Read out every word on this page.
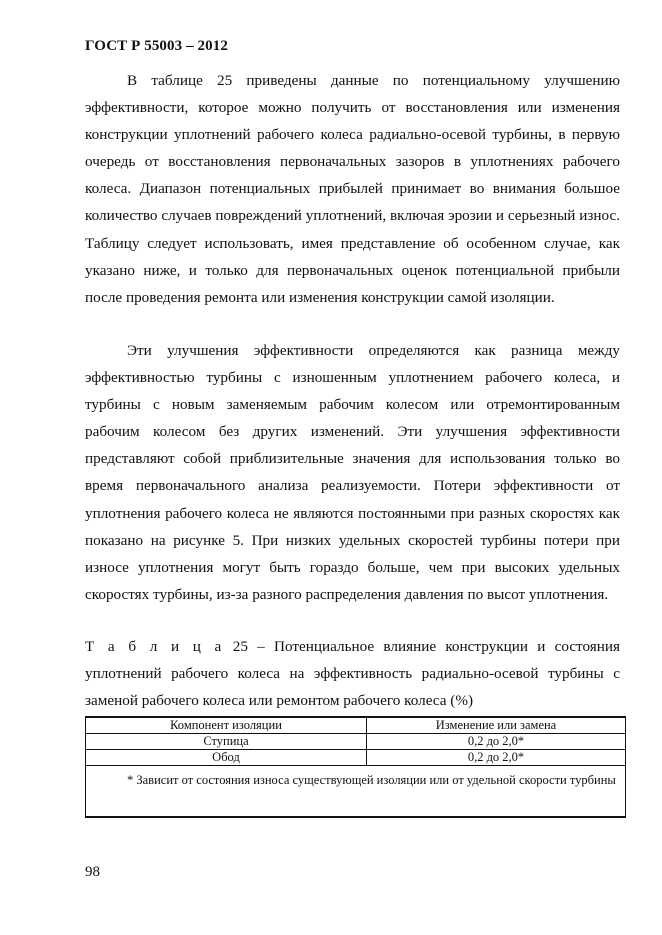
ГОСТ Р 55003 – 2012

В таблице 25 приведены данные по потенциальному улучшению эффективности, которое можно получить от восстановления или изменения конструкции уплотнений рабочего колеса радиально-осевой турбины, в первую очередь от восстановления первоначальных зазоров в уплотнениях рабочего колеса. Диапазон потенциальных прибылей принимает во внимания большое количество случаев повреждений уплотнений, включая эрозии и серьезный износ. Таблицу следует использовать, имея представление об особенном случае, как указано ниже, и только для первоначальных оценок потенциальной прибыли после проведения ремонта или изменения конструкции самой изоляции.

Эти улучшения эффективности определяются как разница между эффективностью турбины с изношенным уплотнением рабочего колеса, и турбины с новым заменяемым рабочим колесом или отремонтированным рабочим колесом без других изменений. Эти улучшения эффективности представляют собой приблизительные значения для использования только во время первоначального анализа реализуемости. Потери эффективности от уплотнения рабочего колеса не являются постоянными при разных скоростях как показано на рисунке 5. При низких удельных скоростей турбины потери при износе уплотнения могут быть гораздо больше, чем при высоких удельных скоростях турбины, из-за разного распределения давления по высот уплотнения.

Т а б л и ц а 25 – Потенциальное влияние конструкции и состояния уплотнений рабочего колеса на эффективность радиально-осевой турбины с заменой рабочего колеса или ремонтом рабочего колеса (%)

Компонент изоляции	Изменение или замена
Ступица	0,2 до 2,0*
Обод	0,2 до 2,0*
* Зависит от состояния износа существующей изоляции или от удельной скорости турбины	
98
